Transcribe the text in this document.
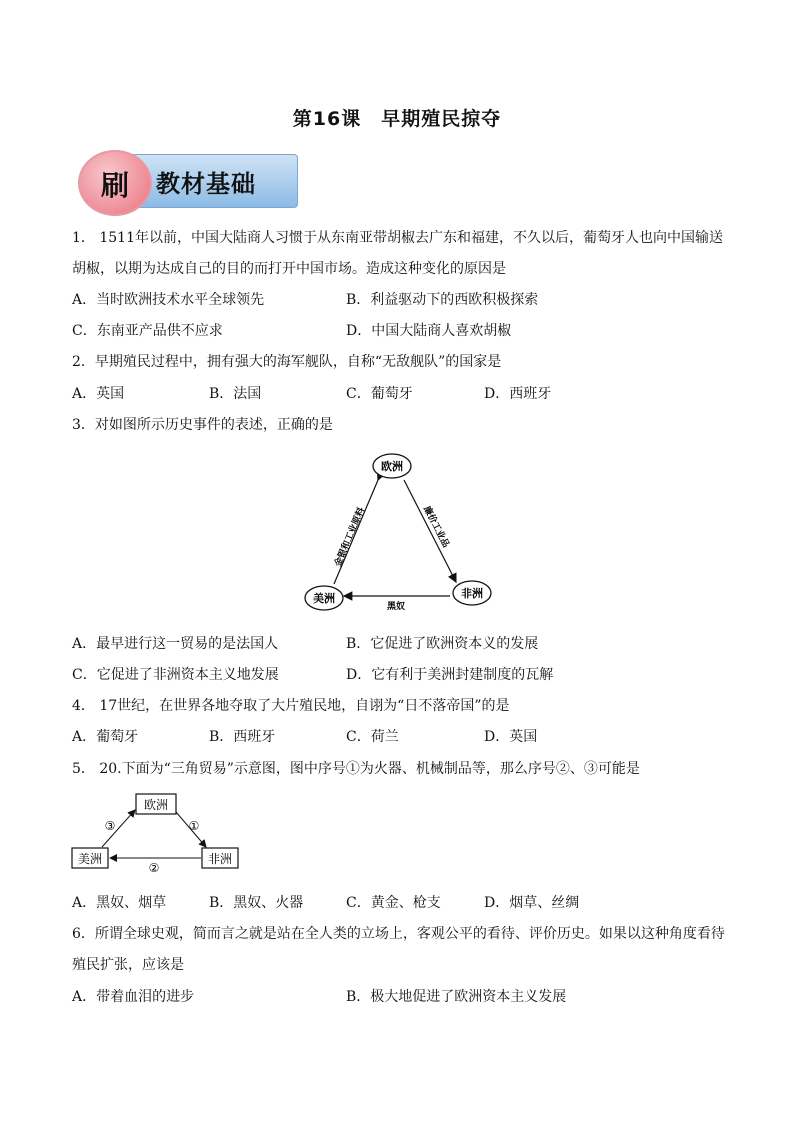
第16课　早期殖民掠夺
教材基础
刷
1． 1511年以前，中国大陆商人习惯于从东南亚带胡椒去广东和福建，不久以后，葡萄牙人也向中国输送
胡椒，以期为达成自己的目的而打开中国市场。造成这种变化的原因是
A．当时欧洲技术水平全球领先	B．利益驱动下的西欧积极探索
C．东南亚产品供不应求	D．中国大陆商人喜欢胡椒
2．早期殖民过程中，拥有强大的海军舰队，自称“无敌舰队”的国家是
A．英国	B．法国	C．葡萄牙	D．西班牙
3．对如图所示历史事件的表述，正确的是
欧洲
美洲	非洲
金银和工业原料	廉价工业品
黑奴
A．最早进行这一贸易的是法国人	B．它促进了欧洲资本义的发展
C．它促进了非洲资本主义地发展	D．它有利于美洲封建制度的瓦解
4． 17世纪，在世界各地夺取了大片殖民地，自诩为“日不落帝国”的是
A．葡萄牙	B．西班牙	C．荷兰	D．英国
5． 20.下面为“三角贸易”示意图，图中序号①为火器、机械制品等，那么序号②、③可能是
欧洲
美洲	非洲
①
②
③
A．黑奴、烟草	B．黑奴、火器	C．黄金、枪支	D．烟草、丝绸
6．所谓全球史观，简而言之就是站在全人类的立场上，客观公平的看待、评价历史。如果以这种角度看待
殖民扩张，应该是
A．带着血泪的进步	B．极大地促进了欧洲资本主义发展
